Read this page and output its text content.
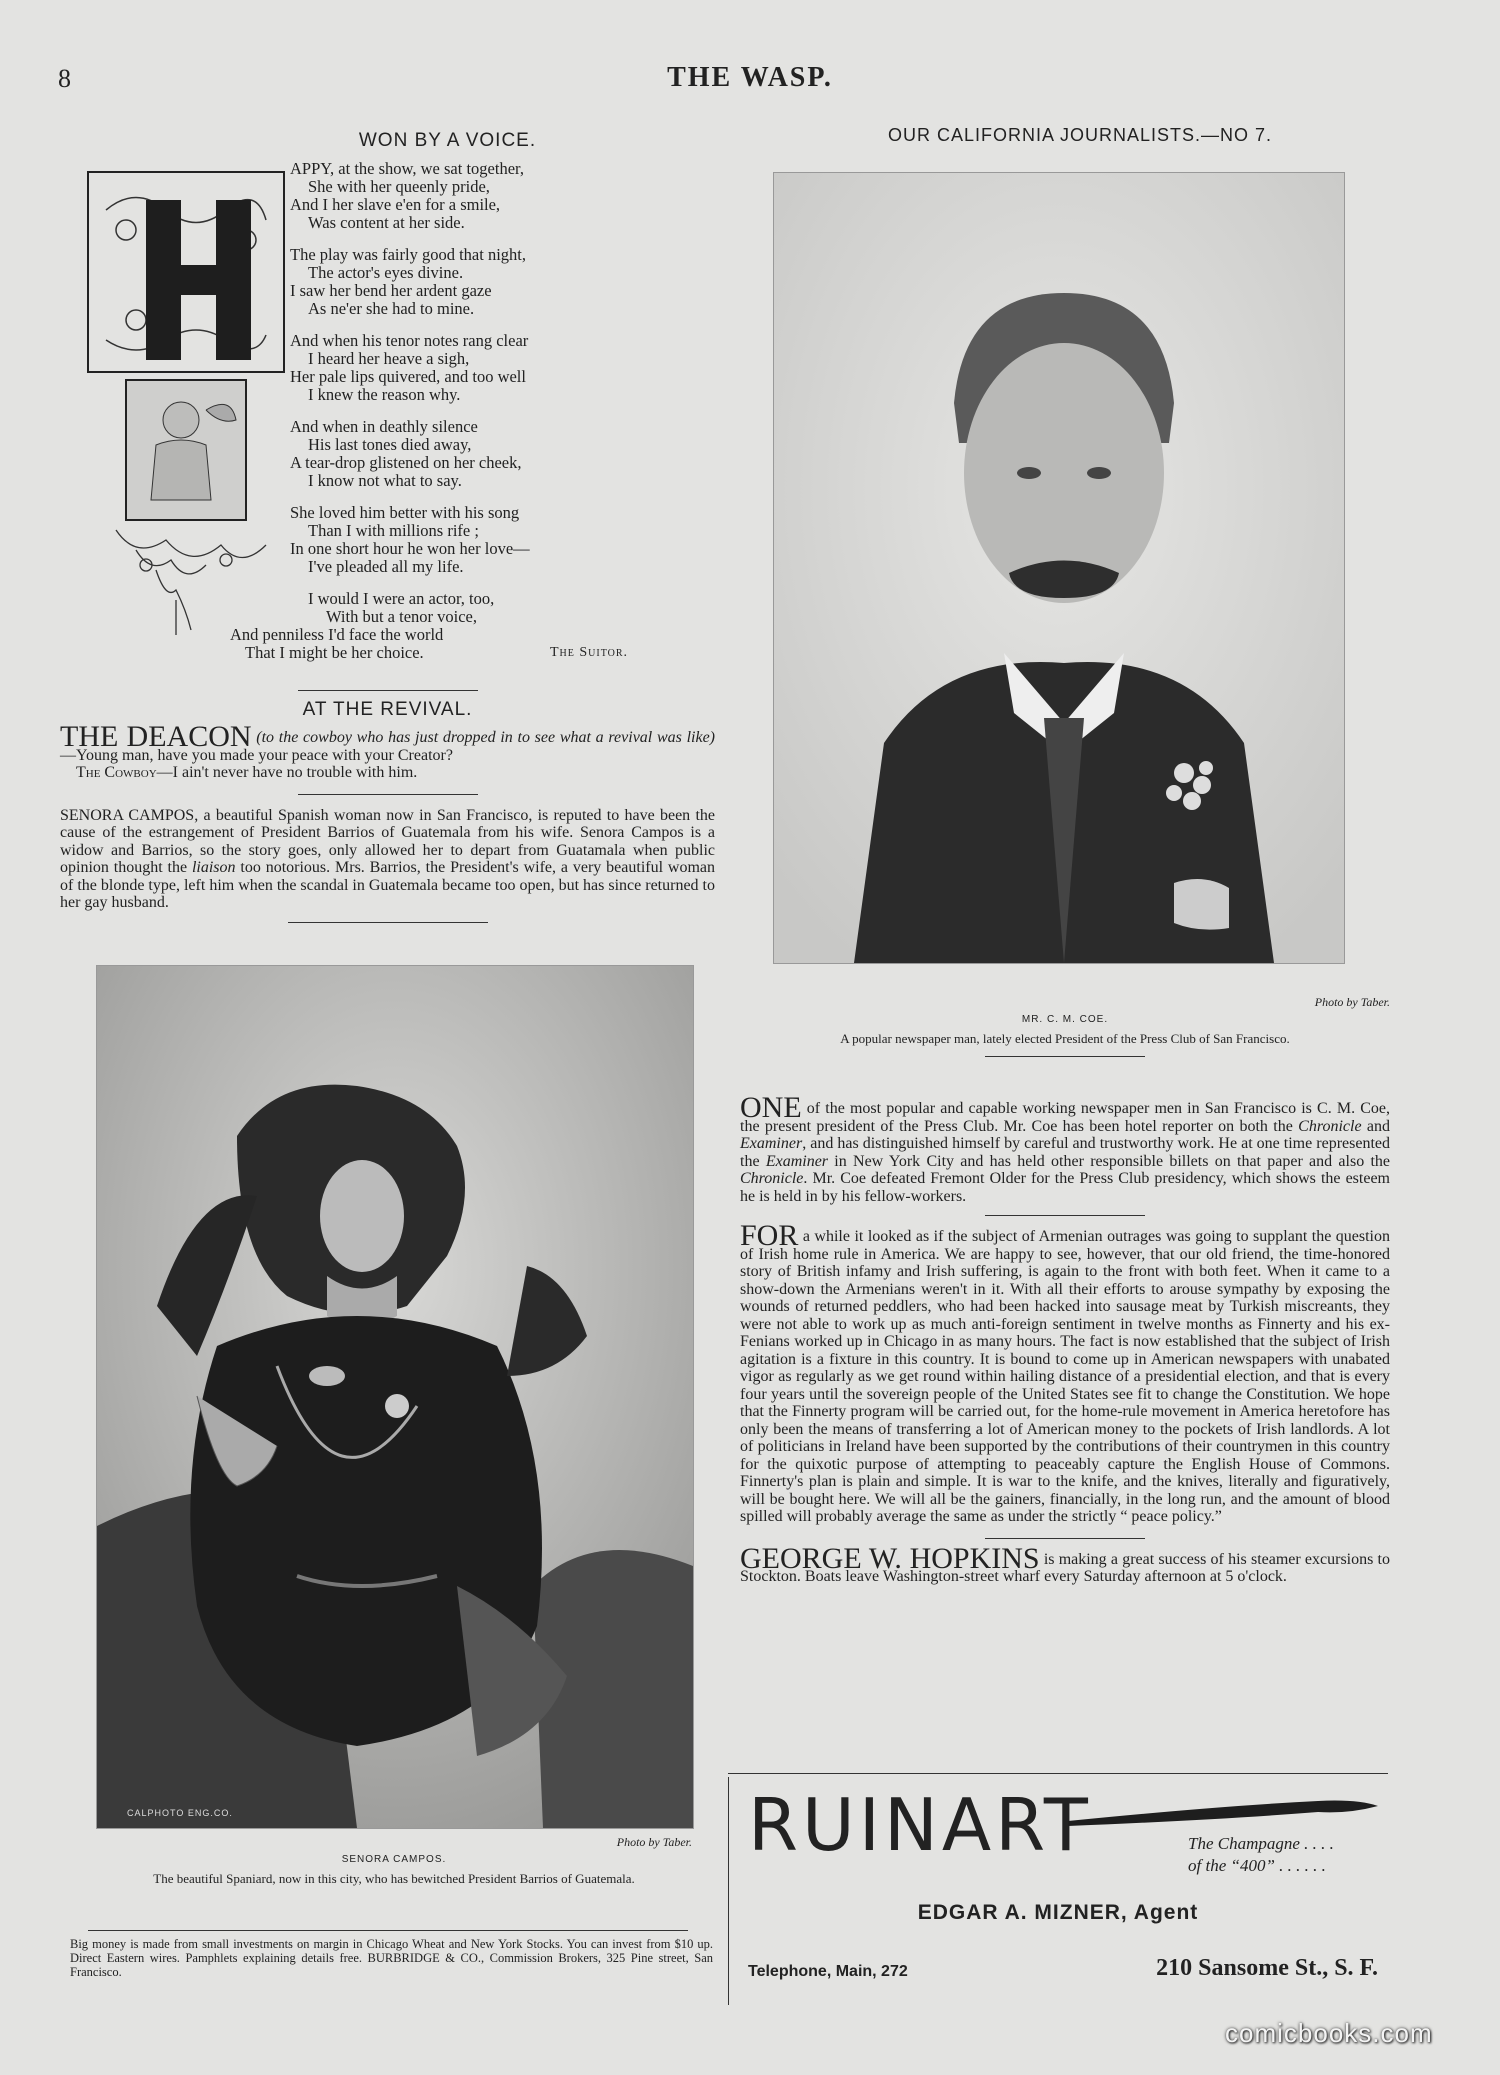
8	THE WASP.
WON BY A VOICE.
APPY, at the show, we sat together,
She with her queenly pride,
And I her slave e'en for a smile,
Was content at her side.
The play was fairly good that night,
The actor's eyes divine.
I saw her bend her ardent gaze
As ne'er she had to mine.
And when his tenor notes rang clear
I heard her heave a sigh,
Her pale lips quivered, and too well
I knew the reason why.
And when in deathly silence
His last tones died away,
A tear-drop glistened on her cheek,
I know not what to say.
She loved him better with his song
Than I with millions rife ;
In one short hour he won her love—
I've pleaded all my life.
I would I were an actor, too,
With but a tenor voice,
And penniless I'd face the world
That I might be her choice.	The Suitor.
AT THE REVIVAL.
THE DEACON (to the cowboy who has just dropped in to see what a revival was like)—Young man, have you made your peace with your Creator?
The Cowboy—I ain't never have no trouble with him.
SENORA CAMPOS, a beautiful Spanish woman now in San Francisco, is reputed to have been the cause of the estrangement of President Barrios of Guatemala from his wife. Senora Campos is a widow and Barrios, so the story goes, only allowed her to depart from Guatamala when public opinion thought the liaison too notorious. Mrs. Barrios, the President's wife, a very beautiful woman of the blonde type, left him when the scandal in Guatemala became too open, but has since returned to her gay husband.
CALPHOTO ENG.CO.
Photo by Taber.
SENORA CAMPOS.
The beautiful Spaniard, now in this city, who has bewitched President Barrios of Guatemala.
Big money is made from small investments on margin in Chicago Wheat and New York Stocks. You can invest from $10 up. Direct Eastern wires. Pamphlets explaining details free. BURBRIDGE & CO., Commission Brokers, 325 Pine street, San Francisco.
OUR CALIFORNIA JOURNALISTS.—NO 7.
Photo by Taber.
MR. C. M. COE.
A popular newspaper man, lately elected President of the Press Club of San Francisco.
ONE of the most popular and capable working newspaper men in San Francisco is C. M. Coe, the present president of the Press Club. Mr. Coe has been hotel reporter on both the Chronicle and Examiner, and has distinguished himself by careful and trustworthy work. He at one time represented the Examiner in New York City and has held other responsible billets on that paper and also the Chronicle. Mr. Coe defeated Fremont Older for the Press Club presidency, which shows the esteem he is held in by his fellow-workers.
FOR a while it looked as if the subject of Armenian outrages was going to supplant the question of Irish home rule in America. We are happy to see, however, that our old friend, the time-honored story of British infamy and Irish suffering, is again to the front with both feet. When it came to a show-down the Armenians weren't in it. With all their efforts to arouse sympathy by exposing the wounds of returned peddlers, who had been hacked into sausage meat by Turkish miscreants, they were not able to work up as much anti-foreign sentiment in twelve months as Finnerty and his ex-Fenians worked up in Chicago in as many hours. The fact is now established that the subject of Irish agitation is a fixture in this country. It is bound to come up in American newspapers with unabated vigor as regularly as we get round within hailing distance of a presidential election, and that is every four years until the sovereign people of the United States see fit to change the Constitution. We hope that the Finnerty program will be carried out, for the home-rule movement in America heretofore has only been the means of transferring a lot of American money to the pockets of Irish landlords. A lot of politicians in Ireland have been supported by the contributions of their countrymen in this country for the quixotic purpose of attempting to peaceably capture the English House of Commons. Finnerty's plan is plain and simple. It is war to the knife, and the knives, literally and figuratively, will be bought here. We will all be the gainers, financially, in the long run, and the amount of blood spilled will probably average the same as under the strictly “ peace policy.”
GEORGE W. HOPKINS is making a great success of his steamer excursions to Stockton. Boats leave Washington-street wharf every Saturday afternoon at 5 o'clock.
RUINART	The Champagne . . . .
of the “400” . . . . . .
EDGAR A. MIZNER, Agent
Telephone, Main, 272	210 Sansome St., S. F.
comicbooks.com
